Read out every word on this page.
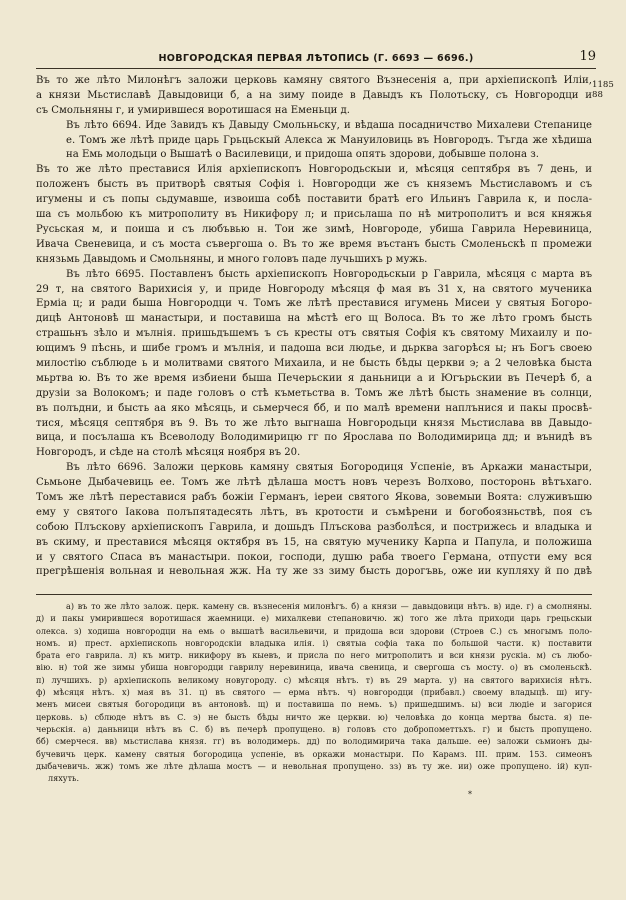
НОВГОРОДСКАЯ ПЕРВАЯ ЛѢТОПИСЬ (Г. 6693 — 6696.)	19
1185
88
Въ то же лѣто Милонѣгъ заложи церковь камяну святого Възнесенія а, при архіепископѣ Иліи,
а князи Мьстиславѣ Давыдовици б, а на зиму поиде в Давыдъ къ Полотьску, съ Новгородци и
съ Смольняны г, и умирившеся воротишася на Еменьци д.
Въ лѣто 6694. Иде Завидъ къ Давыду Смольньску, и вѣдаша посадничство Михалеви Степанице е. Томъ же лѣтѣ приде царь Грьцьскый Алекса ж Мануиловиць въ Новгородъ. Тъгда же хѣдиша на Емь молодьци о Вышатѣ о Василевици, и придоша опять здорови, добывше полона з.
Въ то же лѣто преставися Илія архіепископъ Новгородьскыи и, мѣсяця септября въ 7 день, и
положенъ бысть въ притворѣ святыя Софія і. Новгородци же съ княземъ Мьстиславомъ и съ
игумены и съ попы сьдумавше, извоиша собѣ поставити братѣ его Ильинъ Гаврила к, и посла-
ша съ мольбою къ митрополиту въ Никифору л; и присьлаша по нѣ митрополитъ и вся княжья
Русьская м, и поиша и съ любъвью н. Тои же зимѣ, Новгороде, убиша Гаврила Неревиница,
Ивача Свеневица, и съ моста съвергоша о. Въ то же время въстанъ бысть Смоленьскѣ п промежи
князьмь Давыдомь и Смольняны, и много головъ паде лучьшихъ р мужь.
Въ лѣто 6695. Поставленъ бысть архіепископъ Новгородьскыи р Гаврила, мѣсяця с марта въ
29 т, на святого Варихисія у, и приде Новгороду мѣсяця ф мая въ 31 х, на святого мученика
Ерміа ц; и ради быша Новгородци ч. Томъ же лѣтѣ преставися игумень Мисеи у святыя Богоро-
дицѣ Антоновѣ ш манастыри, и поставиша на мѣстѣ его щ Волоса. Въ то же лѣто громъ бысть
страшьнъ зѣло и мълнія. пришьдъшемъ ъ съ кресты отъ святыя Софія къ святому Михаилу и по-
ющимъ 9 пѣснь, и шибе громъ и мълнія, и падоша вси людье, и дьрква загорѣся ы; нъ Богъ своею
милостію съблюде ь и молитвами святого Михаила, и не бысть бѣды церкви э; а 2 человѣка быста
мьртва ю. Въ то же время избиени быша Печерьскии я даньници а и Югърьскии въ Печерѣ б, а
друзіи за Волокомъ; и паде головъ о стѣ къметьства в. Томъ же лѣтѣ бысть знамение въ солнци,
въ полъдни, и бысть аа яко мѣсяць, и сьмерчеся бб, и по малѣ времени наплънися и пакы просвѣ-
тися, мѣсяця септября въ 9. Въ то же лѣто выгнаша Новгородьци князя Мьстислава вв Давыдо-
вица, и посълаша къ Всеволоду Володимирицю гг по Ярослава по Володимирица дд; и вънидѣ въ
Новгородъ, и сѣде на столѣ мѣсяця ноября въ 20.
Въ лѣто 6696. Заложи церковь камяну святыя Богородиця Успеніе, въ Аркажи манастыри,
Сьмьоне Дыбачевиць ее. Томъ же лѣтѣ дѣлаша мостъ новъ черезъ Волхово, посторонь вѣтъхаго.
Томъ же лѣтѣ переставися рабъ божіи Германъ, іереи святого Якова, зовемыи Воята: служивъшю
ему у святого Іакова полъпятадесять лѣтъ, въ кротости и съмѣрени и богобоязньствѣ, поя съ
собою Плъскову архіепископъ Гаврила, и дошьдъ Плъскова разболѣся, и пострижесь и владыка и
въ скиму, и преставися мѣсяця октября въ 15, на святую мученику Карпа и Папула, и положиша
и у святого Спаса въ манастыри. покои, господи, душю раба твоего Германа, отпусти ему вся
прегрѣшенія вольная и невольная жж. На ту же зз зиму бысть дорогъвь, оже ии купляху й по двѣ
а) въ то же лѣто залож. церк. камену св. възнесенія милонѣгъ. б) а князи — давыдовици нѣтъ. в) иде. г) а смолняны.
д) и пакы умирившеся воротишася жаемници. е) михалкеви степановичю. ж) того же лѣта приходи царь грецьскыи
олекса. з) ходиша новгородци на емь о вышатѣ васильевичи, и придоша вси здорови (Строев С.) съ многымъ поло-
номъ. и) прест. архіепископь новгородскіи владыка илія. і) святыа софіа така по большой части. к) поставити
брата его гаврила. л) къ митр. никифору въ кыевъ, и присла по него митрополитъ и вси князи рускіа. м) съ любо-
вію. н) той же зимы убиша новгородци гаврилу неревиница, ивача свеница, и свергоша съ мосту. о) въ смоленьскѣ.
п) лучшихъ. р) архіепископь великому новугороду. с) мѣсяця нѣтъ. т) въ 29 марта. у) на святого варихисія нѣтъ.
ф) мѣсяця нѣтъ. х) мая въ 31. ц) въ святого — ерма нѣтъ. ч) новгородци (прибавл.) своему владыцѣ. ш) игу-
менъ мисеи святыя богородици въ антоновѣ. щ) и поставиша по немь. ъ) пришедшимъ. ы) вси людіе и загорися
церковь. ь) сблюде нѣтъ въ С. э) не бысть бѣды ничто же церкви. ю) человѣка до конца мертва быста. я) пе-
черьскія. а) даньници нѣтъ въ С. б) въ печерѣ пропущено. в) головъ сто добропометтьхъ. г) и бысть пропущено.
бб) смерчеся. вв) мьстислава князя. гг) въ володимерь. дд) по володимирича така дальше. ее) заложи сьмионъ ды-
бучевичь церк. камену святыя богородица успеніе, въ оркажи монастыри. По Карамз. III. прим. 153. симеонъ
дыбачевичь. жж) томъ же лѣте дѣлаша мостъ — и невольная пропущено. зз) въ ту же. ии) оже пропущено. ій) куп-
ляхуть.
*
